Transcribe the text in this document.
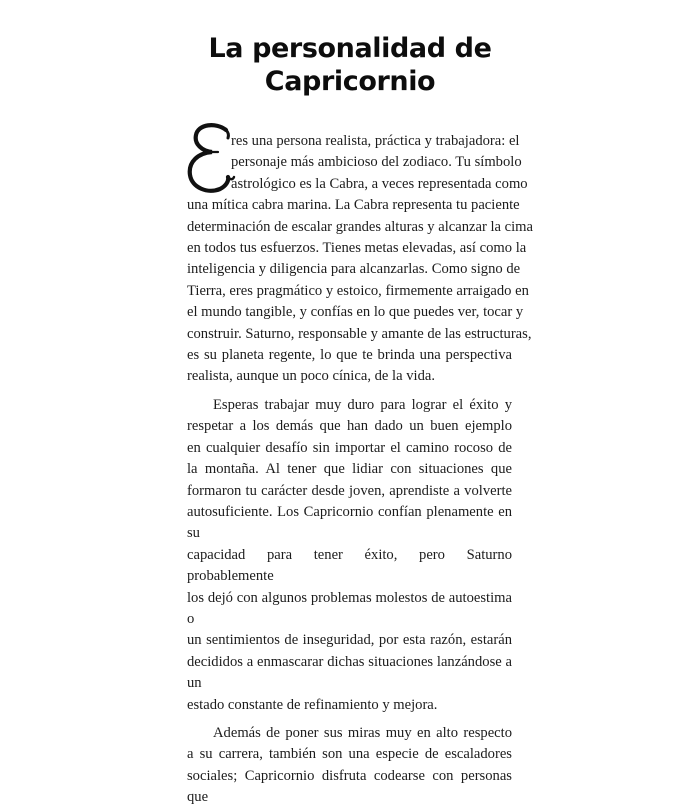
La personalidad de
Capricornio
res una persona realista, práctica y trabajadora: el
personaje más ambicioso del zodiaco. Tu símbolo
astrológico es la Cabra, a veces representada como
una mítica cabra marina. La Cabra representa tu paciente
determinación de escalar grandes alturas y alcanzar la cima
en todos tus esfuerzos. Tienes metas elevadas, así como la
inteligencia y diligencia para alcanzarlas. Como signo de
Tierra, eres pragmático y estoico, firmemente arraigado en
el mundo tangible, y confías en lo que puedes ver, tocar y
construir. Saturno, responsable y amante de las estructuras,
es su planeta regente, lo que te brinda una perspectiva
realista, aunque un poco cínica, de la vida.
Esperas trabajar muy duro para lograr el éxito y
respetar a los demás que han dado un buen ejemplo
en cualquier desafío sin importar el camino rocoso de
la montaña. Al tener que lidiar con situaciones que
formaron tu carácter desde joven, aprendiste a volverte
autosuficiente. Los Capricornio confían plenamente en su
capacidad para tener éxito, pero Saturno probablemente
los dejó con algunos problemas molestos de autoestima o
un sentimientos de inseguridad, por esta razón, estarán
decididos a enmascarar dichas situaciones lanzándose a un
estado constante de refinamiento y mejora.
Además de poner sus miras muy en alto respecto
a su carrera, también son una especie de escaladores
sociales; Capricornio disfruta codearse con personas que
